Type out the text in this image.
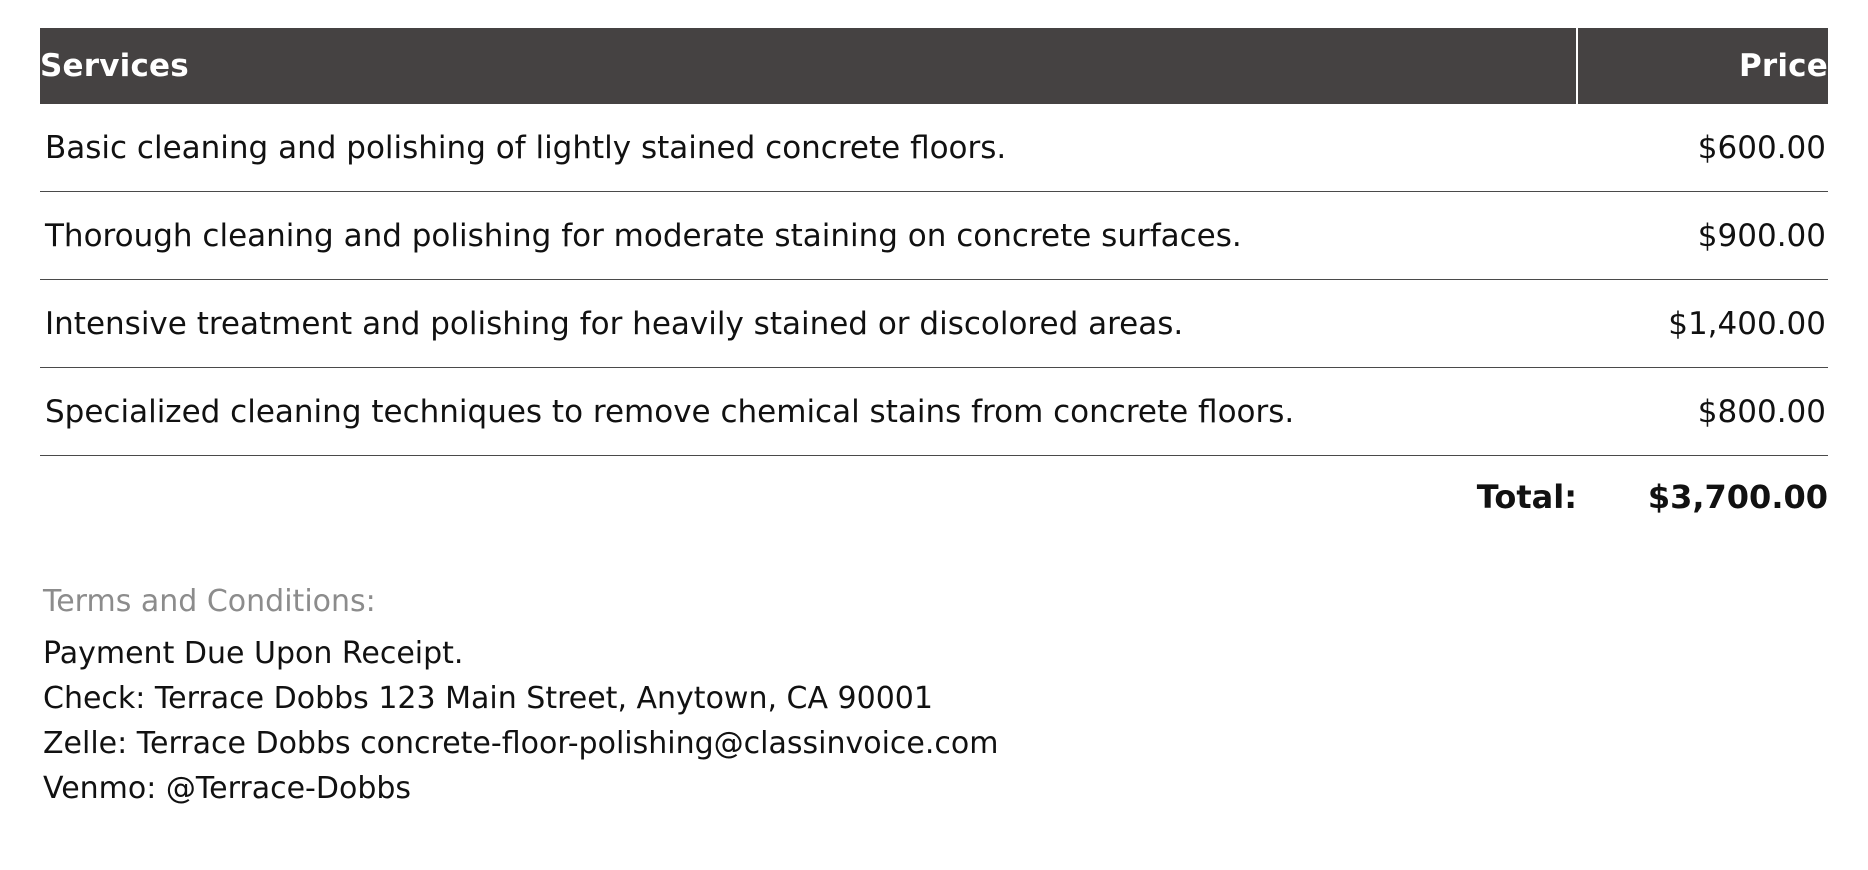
Services	Price
Basic cleaning and polishing of lightly stained concrete floors.	$600.00
Thorough cleaning and polishing for moderate staining on concrete surfaces.	$900.00
Intensive treatment and polishing for heavily stained or discolored areas.	$1,400.00
Specialized cleaning techniques to remove chemical stains from concrete floors.	$800.00
Total:	$3,700.00
Terms and Conditions:
Payment Due Upon Receipt.
Check: Terrace Dobbs 123 Main Street, Anytown, CA 90001
Zelle: Terrace Dobbs concrete-floor-polishing@classinvoice.com
Venmo: @Terrace-Dobbs
